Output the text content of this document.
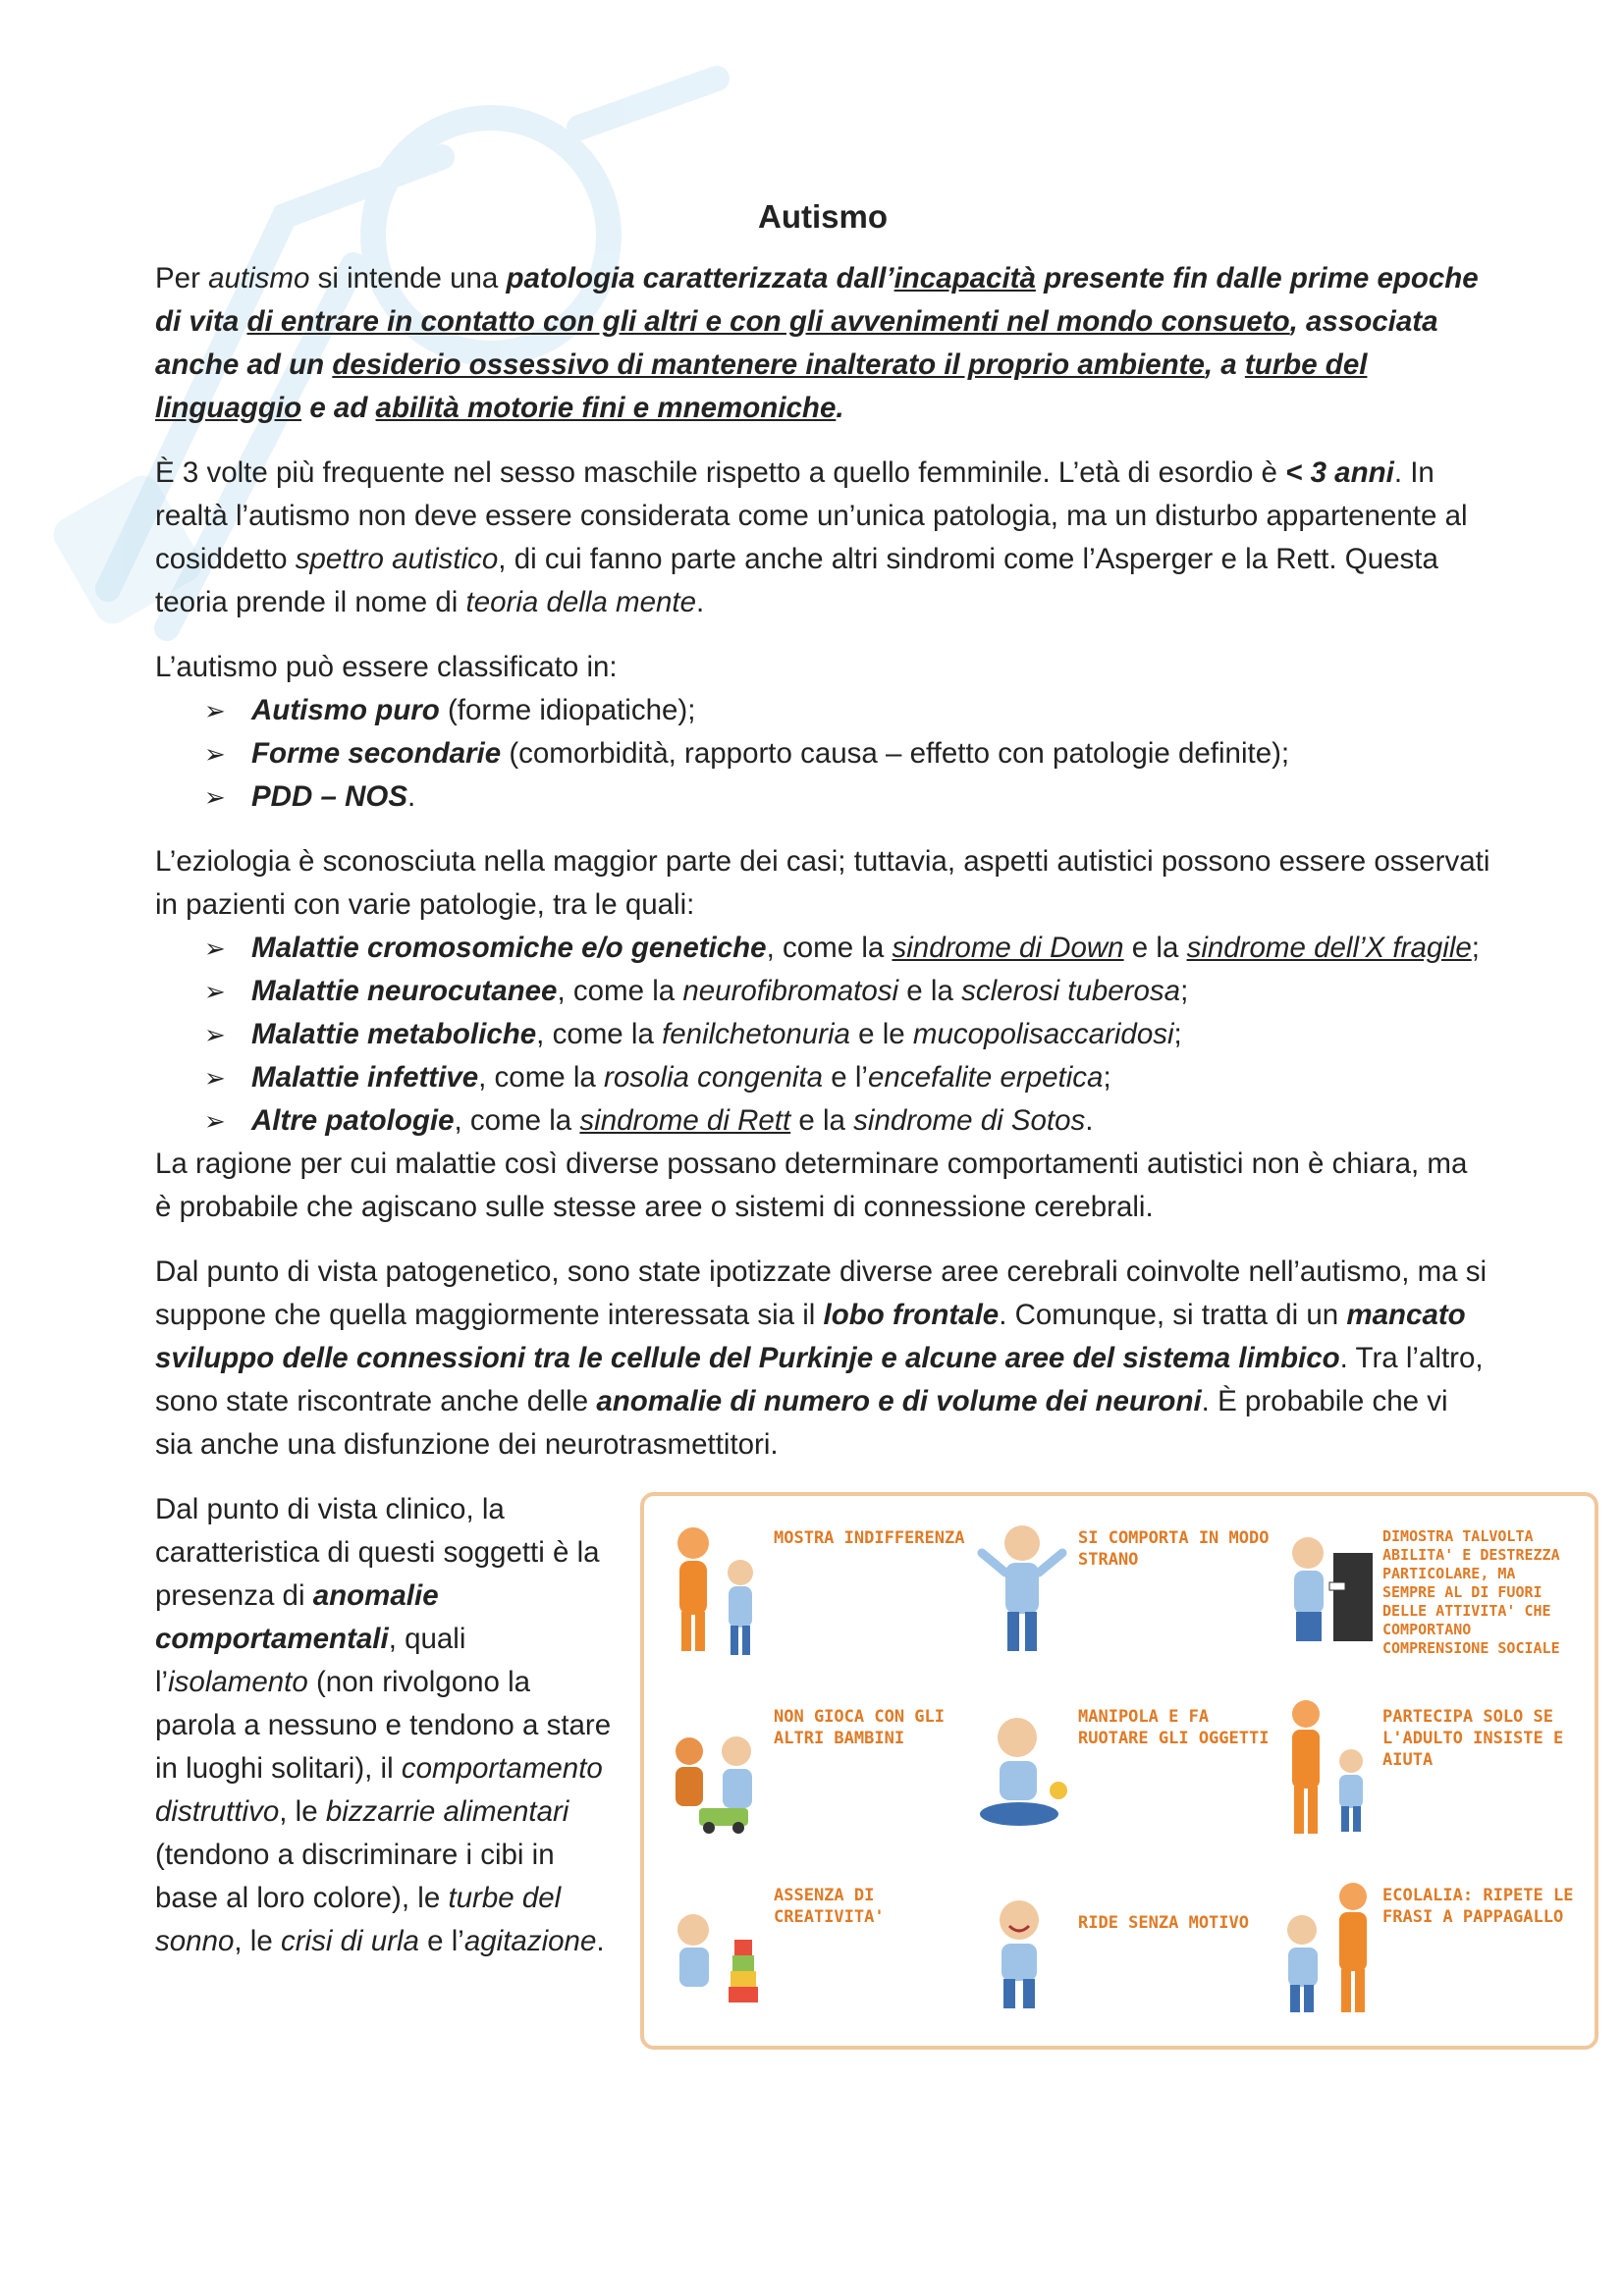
Autismo

Per autismo si intende una patologia caratterizzata dall’incapacità presente fin dalle prime epoche di vita di entrare in contatto con gli altri e con gli avvenimenti nel mondo consueto, associata anche ad un desiderio ossessivo di mantenere inalterato il proprio ambiente, a turbe del linguaggio e ad abilità motorie fini e mnemoniche.

È 3 volte più frequente nel sesso maschile rispetto a quello femminile. L’età di esordio è < 3 anni. In realtà l’autismo non deve essere considerata come un’unica patologia, ma un disturbo appartenente al cosiddetto spettro autistico, di cui fanno parte anche altri sindromi come l’Asperger e la Rett. Questa teoria prende il nome di teoria della mente.

L’autismo può essere classificato in:
➢ Autismo puro (forme idiopatiche);
➢ Forme secondarie (comorbidità, rapporto causa – effetto con patologie definite);
➢ PDD – NOS.
L’eziologia è sconosciuta nella maggior parte dei casi; tuttavia, aspetti autistici possono essere osservati in pazienti con varie patologie, tra le quali:
➢ Malattie cromosomiche e/o genetiche, come la sindrome di Down e la sindrome dell’X fragile;
➢ Malattie neurocutanee, come la neurofibromatosi e la sclerosi tuberosa;
➢ Malattie metaboliche, come la fenilchetonuria e le mucopolisaccaridosi;
➢ Malattie infettive, come la rosolia congenita e l’encefalite erpetica;
➢ Altre patologie, come la sindrome di Rett e la sindrome di Sotos.

La ragione per cui malattie così diverse possano determinare comportamenti autistici non è chiara, ma è probabile che agiscano sulle stesse aree o sistemi di connessione cerebrali.

Dal punto di vista patogenetico, sono state ipotizzate diverse aree cerebrali coinvolte nell’autismo, ma si suppone che quella maggiormente interessata sia il lobo frontale. Comunque, si tratta di un mancato sviluppo delle connessioni tra le cellule del Purkinje e alcune aree del sistema limbico. Tra l’altro, sono state riscontrate anche delle anomalie di numero e di volume dei neuroni. È probabile che vi sia anche una disfunzione dei neurotrasmettitori.

Dal punto di vista clinico, la caratteristica di questi soggetti è la presenza di anomalie comportamentali, quali l’isolamento (non rivolgono la parola a nessuno e tendono a stare in luoghi solitari), il comportamento distruttivo, le bizzarrie alimentari (tendono a discriminare i cibi in base al loro colore), le turbe del sonno, le crisi di urla e l’agitazione.
MOSTRA INDIFFERENZA	SI COMPORTA IN MODO STRANO
DIMOSTRA TALVOLTA ABILITA' E DESTREZZA PARTICOLARE, MA SEMPRE AL DI FUORI DELLE ATTIVITA' CHE COMPORTANO COMPRENSIONE SOCIALE
NON GIOCA CON GLI ALTRI BAMBINI
MANIPOLA E FA RUOTARE GLI OGGETTI
PARTECIPA SOLO SE L'ADULTO INSISTE E AIUTA
ASSENZA DI CREATIVITA'	RIDE SENZA MOTIVO
ECOLALIA: RIPETE LE FRASI A PAPPAGALLO
